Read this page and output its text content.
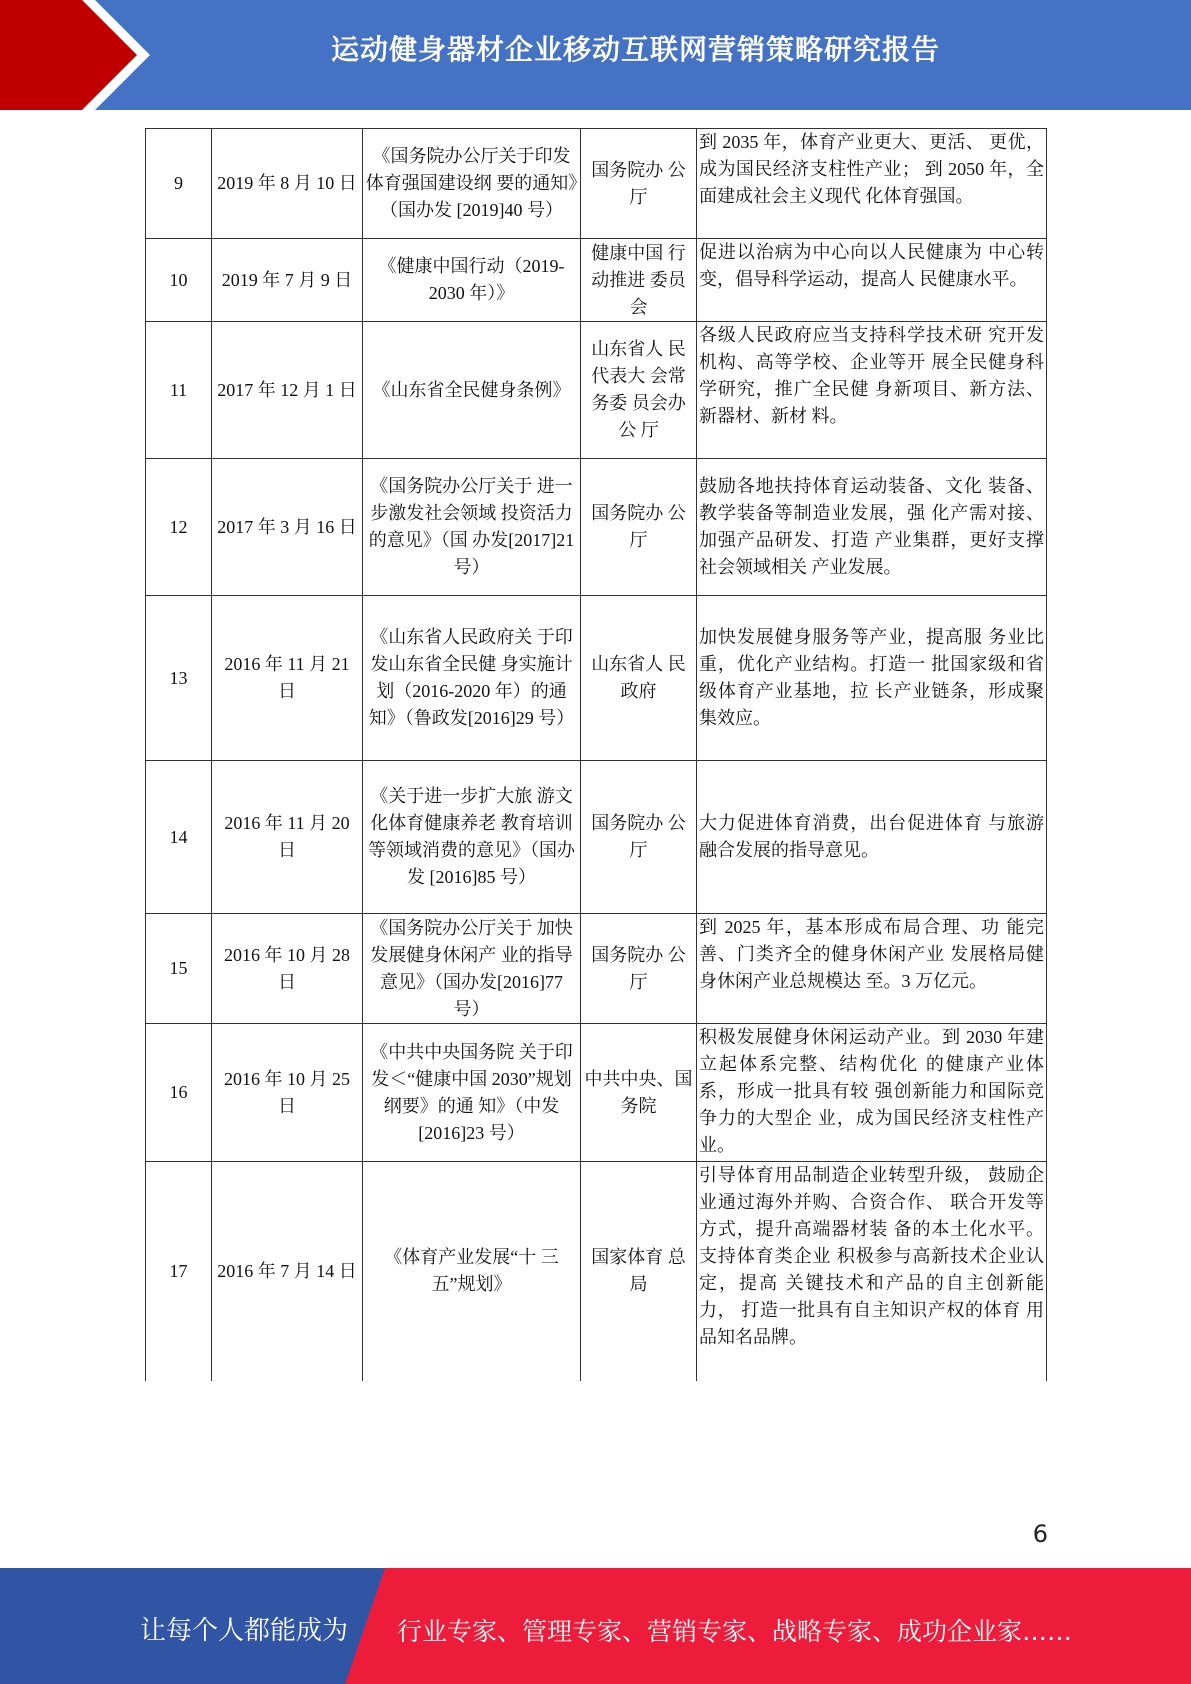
运动健身器材企业移动互联网营销策略研究报告
9	2019 年 8 月 10 日	《国务院办公厅关于印发体育强国建设纲 要的通知》（国办发 [2019]40 号）	国务院办 公厅	到 2035 年，体育产业更大、更活、 更优，成为国民经济支柱性产业； 到 2050 年，全面建成社会主义现代 化体育强国。
10	2019 年 7 月 9 日	《健康中国行动（2019-2030 年）》	健康中国 行动推进 委员会	促进以治病为中心向以人民健康为 中心转变，倡导科学运动，提高人 民健康水平。
11	2017 年 12 月 1 日	《山东省全民健身条例》	山东省人 民代表大 会常务委 员会办公 厅	各级人民政府应当支持科学技术研 究开发机构、高等学校、企业等开 展全民健身科学研究，推广全民健 身新项目、新方法、新器材、新材 料。
12	2017 年 3 月 16 日	《国务院办公厅关于 进一步激发社会领域 投资活力的意见》（国 办发[2017]21 号）	国务院办 公厅	鼓励各地扶持体育运动装备、文化 装备、教学装备等制造业发展，强 化产需对接、加强产品研发、打造 产业集群，更好支撑社会领域相关 产业发展。
13	2016 年 11 月 21 日	《山东省人民政府关 于印发山东省全民健 身实施计划（2016-2020 年）的通知》（鲁政发[2016]29 号）	山东省人 民政府	加快发展健身服务等产业，提高服 务业比重，优化产业结构。打造一 批国家级和省级体育产业基地，拉 长产业链条，形成聚集效应。
14	2016 年 11 月 20 日	《关于进一步扩大旅 游文化体育健康养老 教育培训等领域消费的意见》（国办发 [2016]85 号）	国务院办 公厅	大力促进体育消费，出台促进体育 与旅游融合发展的指导意见。
15	2016 年 10 月 28 日	《国务院办公厅关于 加快发展健身休闲产 业的指导意见》（国办发[2016]77 号）	国务院办 公厅	到 2025 年，基本形成布局合理、功 能完善、门类齐全的健身休闲产业 发展格局健身休闲产业总规模达 至。3 万亿元。
16	2016 年 10 月 25 日	《中共中央国务院 关于印发＜“健康中国 2030”规划纲要》的通 知》（中发[2016]23 号）	中共中央、国务院	积极发展健身休闲运动产业。到 2030 年建立起体系完整、结构优化 的健康产业体系，形成一批具有较 强创新能力和国际竞争力的大型企 业，成为国民经济支柱性产业。
17	2016 年 7 月 14 日	《体育产业发展“十 三五”规划》	国家体育 总局	引导体育用品制造企业转型升级， 鼓励企业通过海外并购、合资合作、 联合开发等方式，提升高端器材装 备的本土化水平。支持体育类企业 积极参与高新技术企业认定，提高 关键技术和产品的自主创新能力， 打造一批具有自主知识产权的体育 用品知名品牌。
6
让每个人都能成为 行业专家、管理专家、营销专家、战略专家、成功企业家……
